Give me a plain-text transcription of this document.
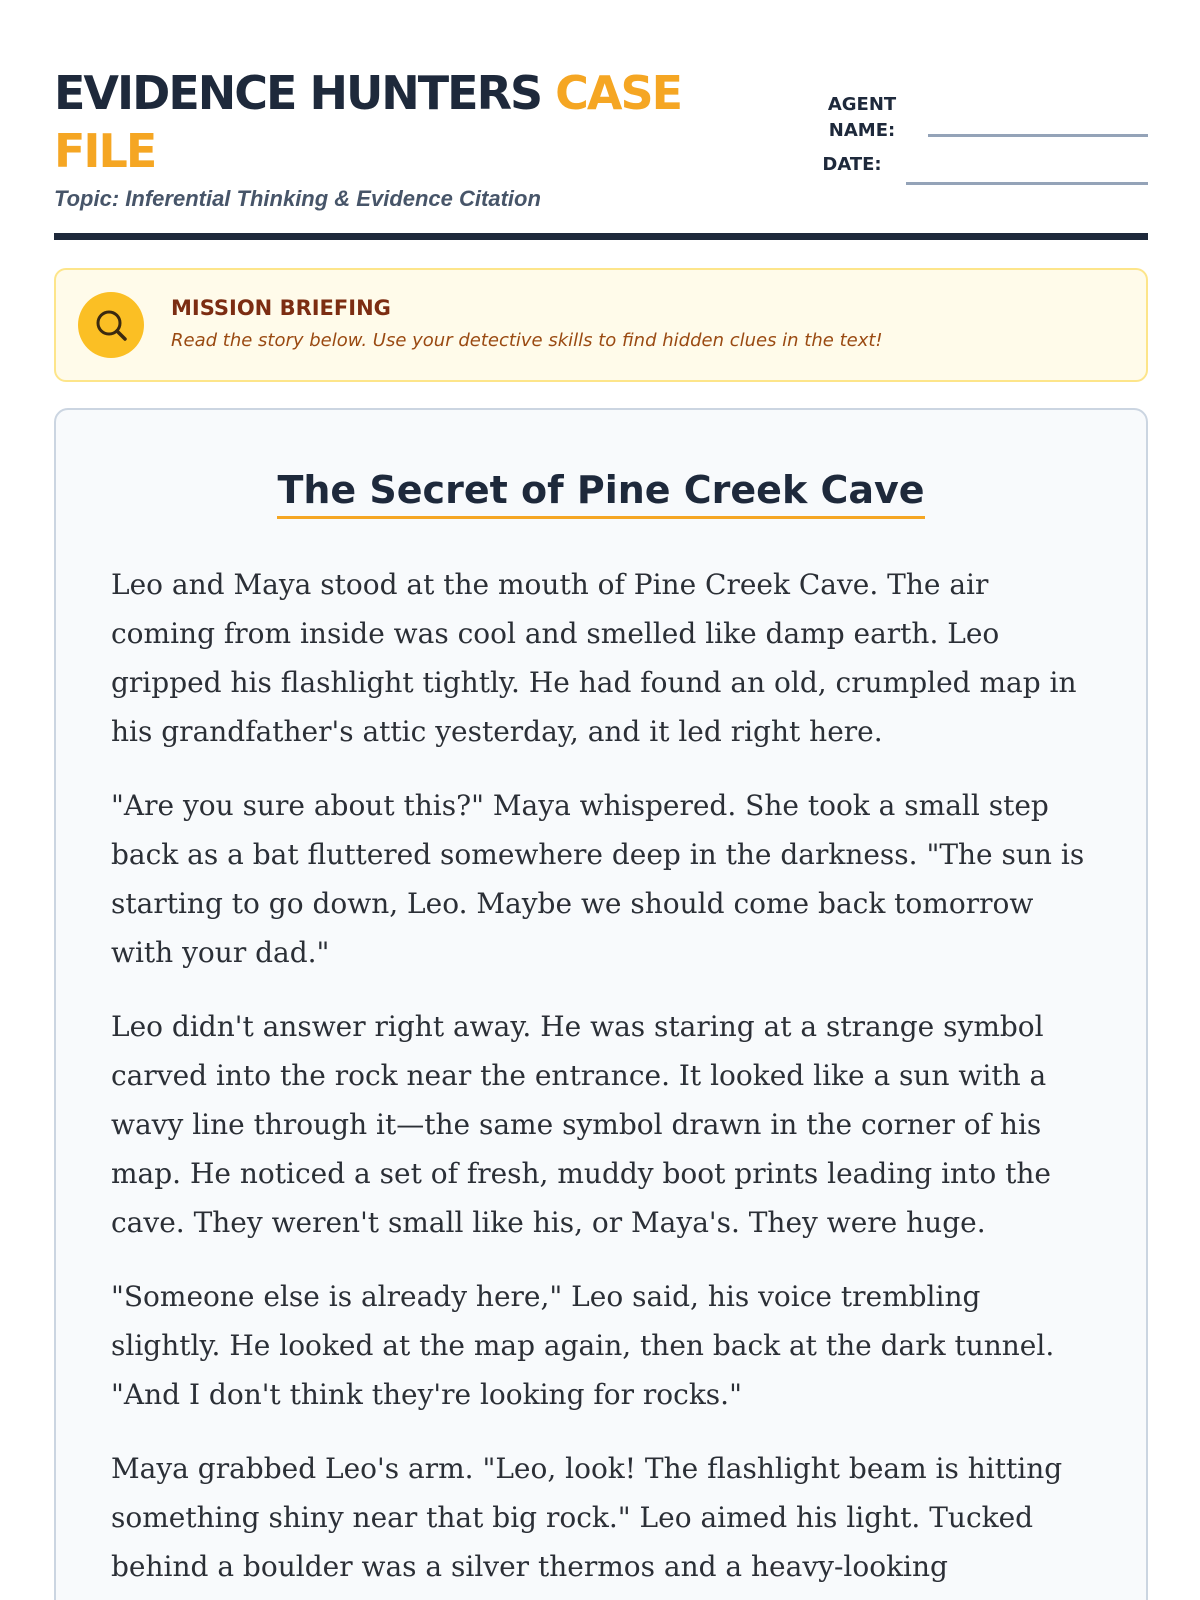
EVIDENCE HUNTERS CASE FILE
Topic: Inferential Thinking & Evidence Citation
AGENT NAME:
DATE:
MISSION BRIEFING
Read the story below. Use your detective skills to find hidden clues in the text!
The Secret of Pine Creek Cave

Leo and Maya stood at the mouth of Pine Creek Cave. The air coming from inside was cool and smelled like damp earth. Leo gripped his flashlight tightly. He had found an old, crumpled map in his grandfather's attic yesterday, and it led right here.

"Are you sure about this?" Maya whispered. She took a small step back as a bat fluttered somewhere deep in the darkness. "The sun is starting to go down, Leo. Maybe we should come back tomorrow with your dad."

Leo didn't answer right away. He was staring at a strange symbol carved into the rock near the entrance. It looked like a sun with a wavy line through it—the same symbol drawn in the corner of his map. He noticed a set of fresh, muddy boot prints leading into the cave. They weren't small like his, or Maya's. They were huge.

"Someone else is already here," Leo said, his voice trembling slightly. He looked at the map again, then back at the dark tunnel. "And I don't think they're looking for rocks."

Maya grabbed Leo's arm. "Leo, look! The flashlight beam is hitting something shiny near that big rock." Leo aimed his light. Tucked behind a boulder was a silver thermos and a heavy-looking
